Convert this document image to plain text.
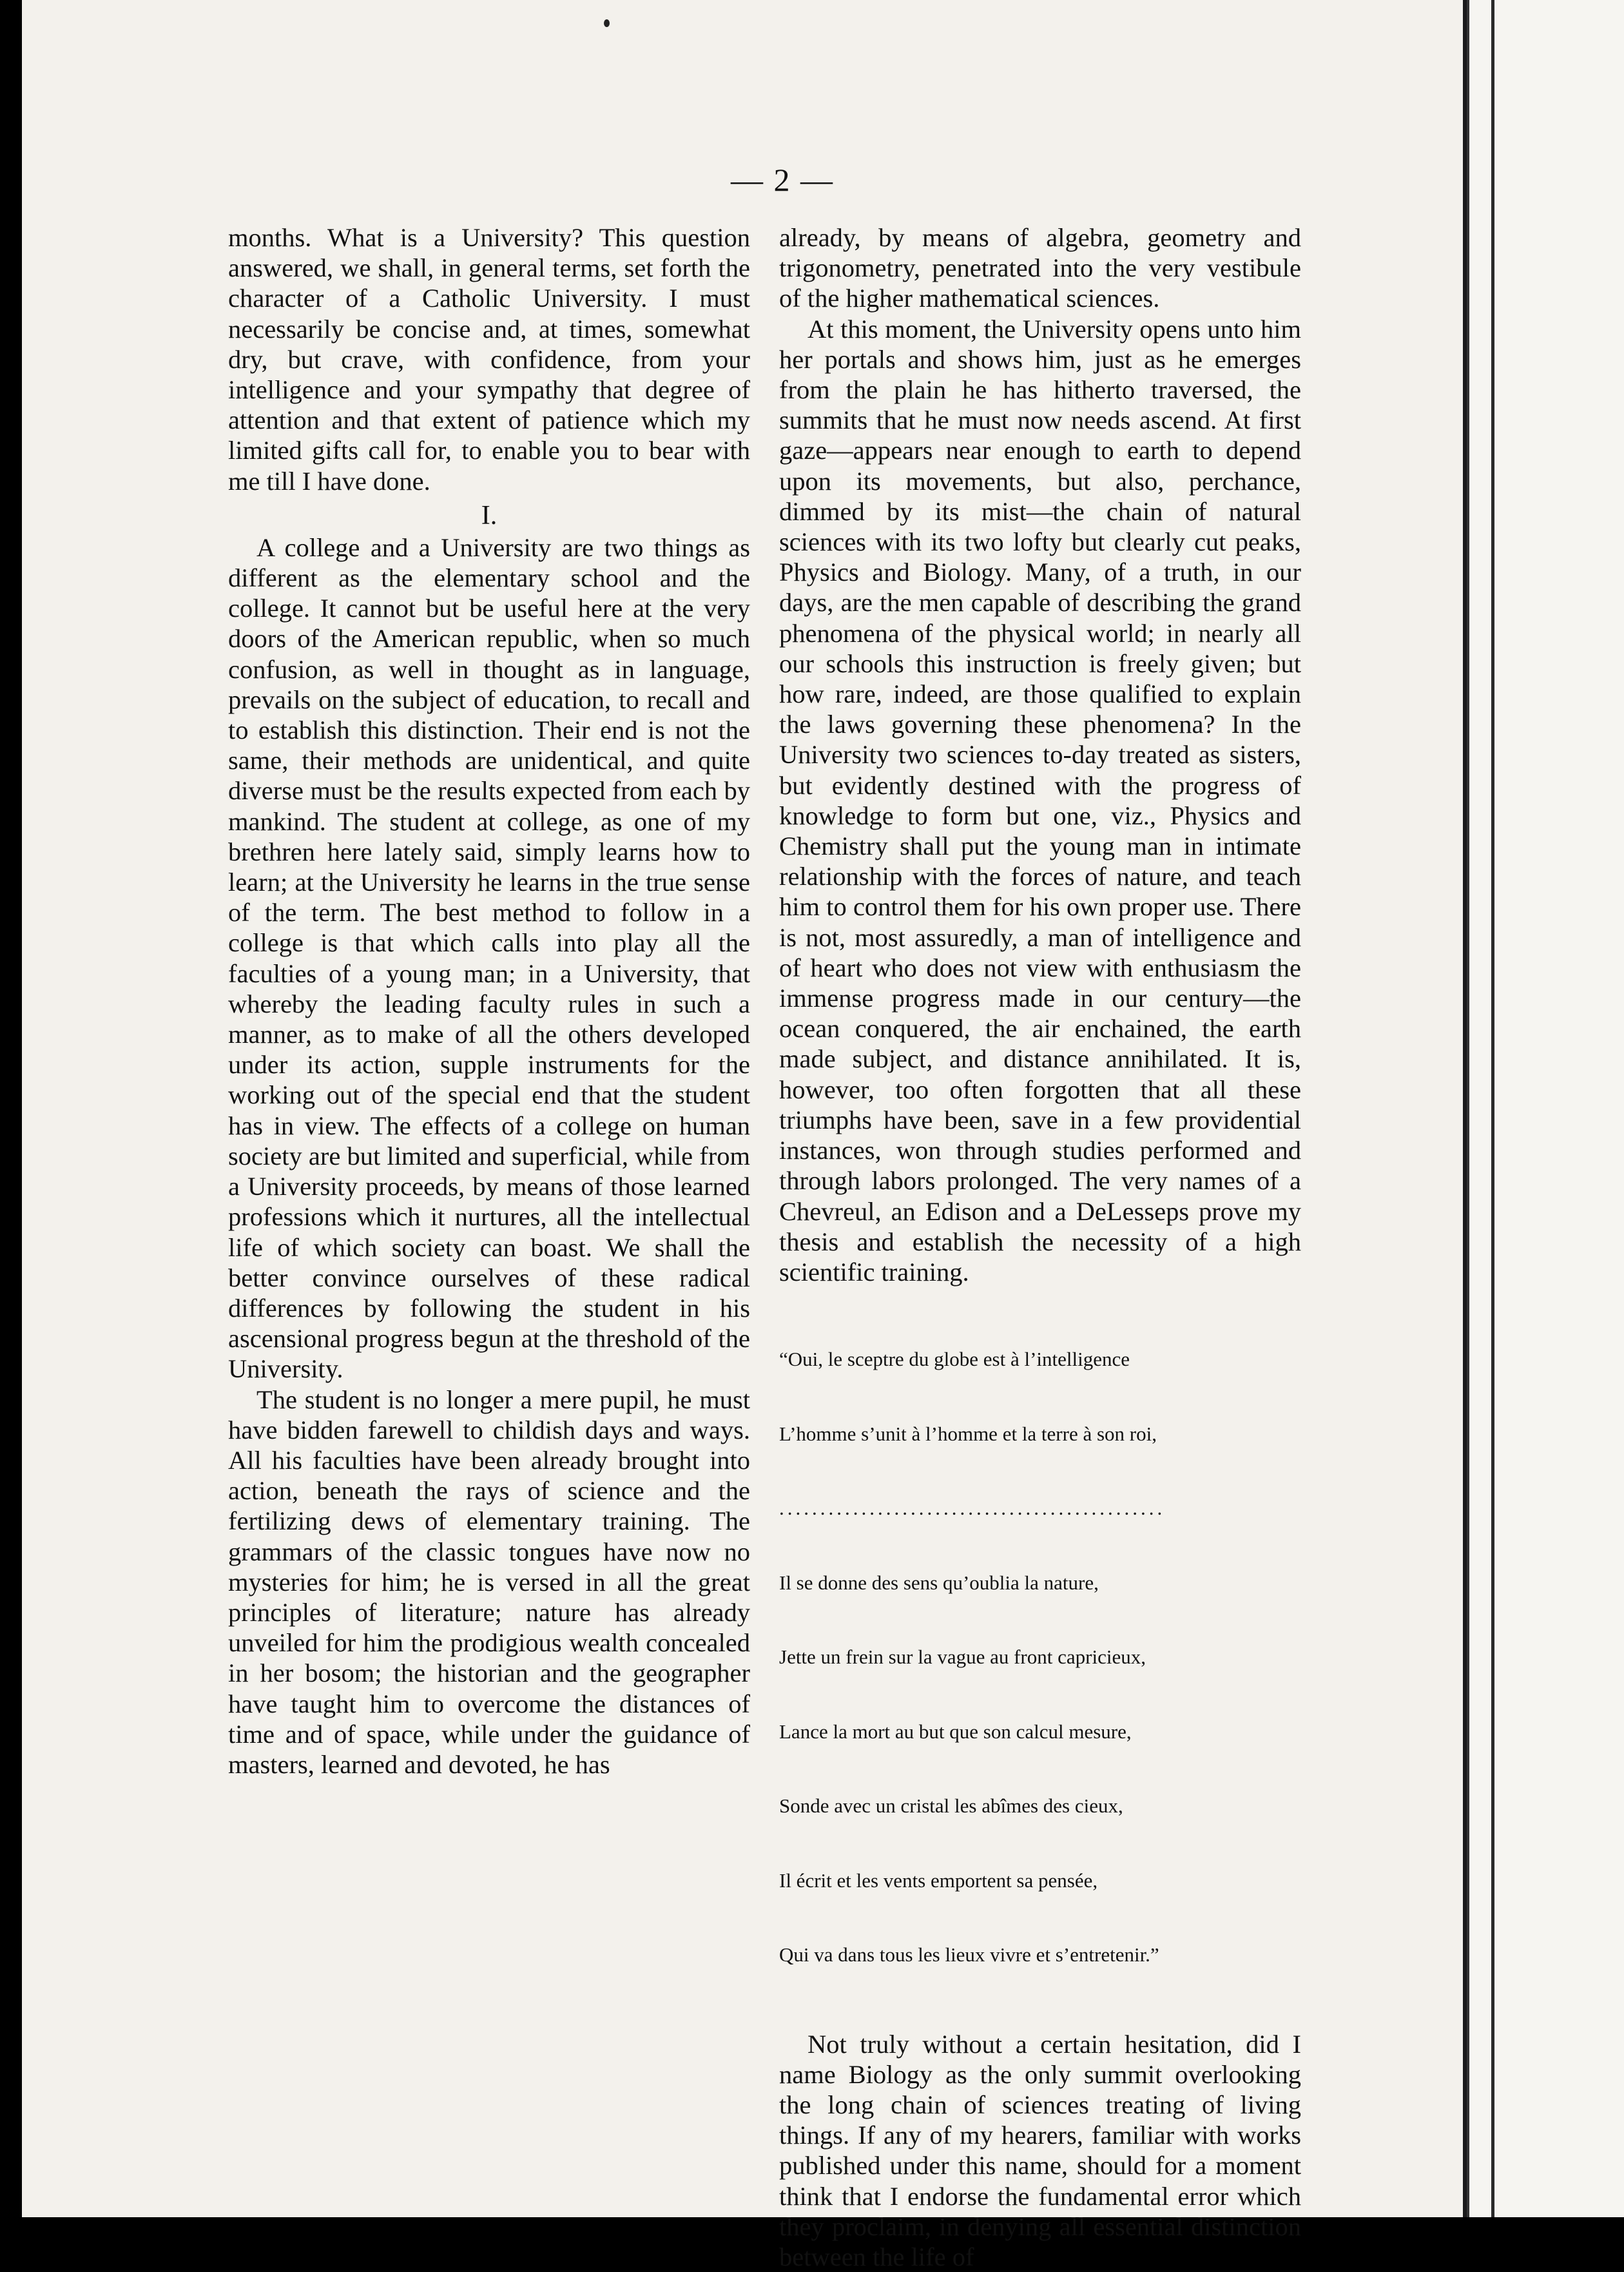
— 2 —

months. What is a University? This question answered, we shall, in general terms, set forth the character of a Catholic University. I must necessarily be concise and, at times, somewhat dry, but crave, with confidence, from your intelligence and your sympathy that degree of attention and that extent of patience which my limited gifts call for, to enable you to bear with me till I have done.

I.

A college and a University are two things as different as the elementary school and the college. It cannot but be useful here at the very doors of the American republic, when so much confusion, as well in thought as in language, prevails on the subject of education, to recall and to establish this distinction. Their end is not the same, their methods are unidentical, and quite diverse must be the results expected from each by mankind. The student at college, as one of my brethren here lately said, simply learns how to learn; at the University he learns in the true sense of the term. The best method to follow in a college is that which calls into play all the faculties of a young man; in a University, that whereby the leading faculty rules in such a manner, as to make of all the others developed under its action, supple instruments for the working out of the special end that the student has in view. The effects of a college on human society are but limited and superficial, while from a University proceeds, by means of those learned professions which it nurtures, all the intellectual life of which society can boast. We shall the better convince ourselves of these radical differences by following the student in his ascensional progress begun at the threshold of the University.

The student is no longer a mere pupil, he must have bidden farewell to childish days and ways. All his faculties have been already brought into action, beneath the rays of science and the fertilizing dews of elementary training. The grammars of the classic tongues have now no mysteries for him; he is versed in all the great principles of literature; nature has already unveiled for him the prodigious wealth concealed in her bosom; the historian and the geographer have taught him to overcome the distances of time and of space, while under the guidance of masters, learned and devoted, he has

already, by means of algebra, geometry and trigonometry, penetrated into the very vestibule of the higher mathematical sciences.

At this moment, the University opens unto him her portals and shows him, just as he emerges from the plain he has hitherto traversed, the summits that he must now needs ascend. At first gaze—appears near enough to earth to depend upon its movements, but also, perchance, dimmed by its mist—the chain of natural sciences with its two lofty but clearly cut peaks, Physics and Biology. Many, of a truth, in our days, are the men capable of describing the grand phenomena of the physical world; in nearly all our schools this instruction is freely given; but how rare, indeed, are those qualified to explain the laws governing these phenomena? In the University two sciences to-day treated as sisters, but evidently destined with the progress of knowledge to form but one, viz., Physics and Chemistry shall put the young man in intimate relationship with the forces of nature, and teach him to control them for his own proper use. There is not, most assuredly, a man of intelligence and of heart who does not view with enthusiasm the immense progress made in our century—the ocean conquered, the air enchained, the earth made subject, and distance annihilated. It is, however, too often forgotten that all these triumphs have been, save in a few providential instances, won through studies performed and through labors prolonged. The very names of a Chevreul, an Edison and a DeLesseps prove my thesis and establish the necessity of a high scientific training.

“Oui, le sceptre du globe est à l’intelligence

L’homme s’unit à l’homme et la terre à son roi,

...............................................

Il se donne des sens qu’oublia la nature,

Jette un frein sur la vague au front capricieux,

Lance la mort au but que son calcul mesure,

Sonde avec un cristal les abîmes des cieux,

Il écrit et les vents emportent sa pensée,

Qui va dans tous les lieux vivre et s’entretenir.”

Not truly without a certain hesitation, did I name Biology as the only summit overlooking the long chain of sciences treating of living things. If any of my hearers, familiar with works published under this name, should for a moment think that I endorse the fundamental error which they proclaim, in denying all essential distinction between the life of
